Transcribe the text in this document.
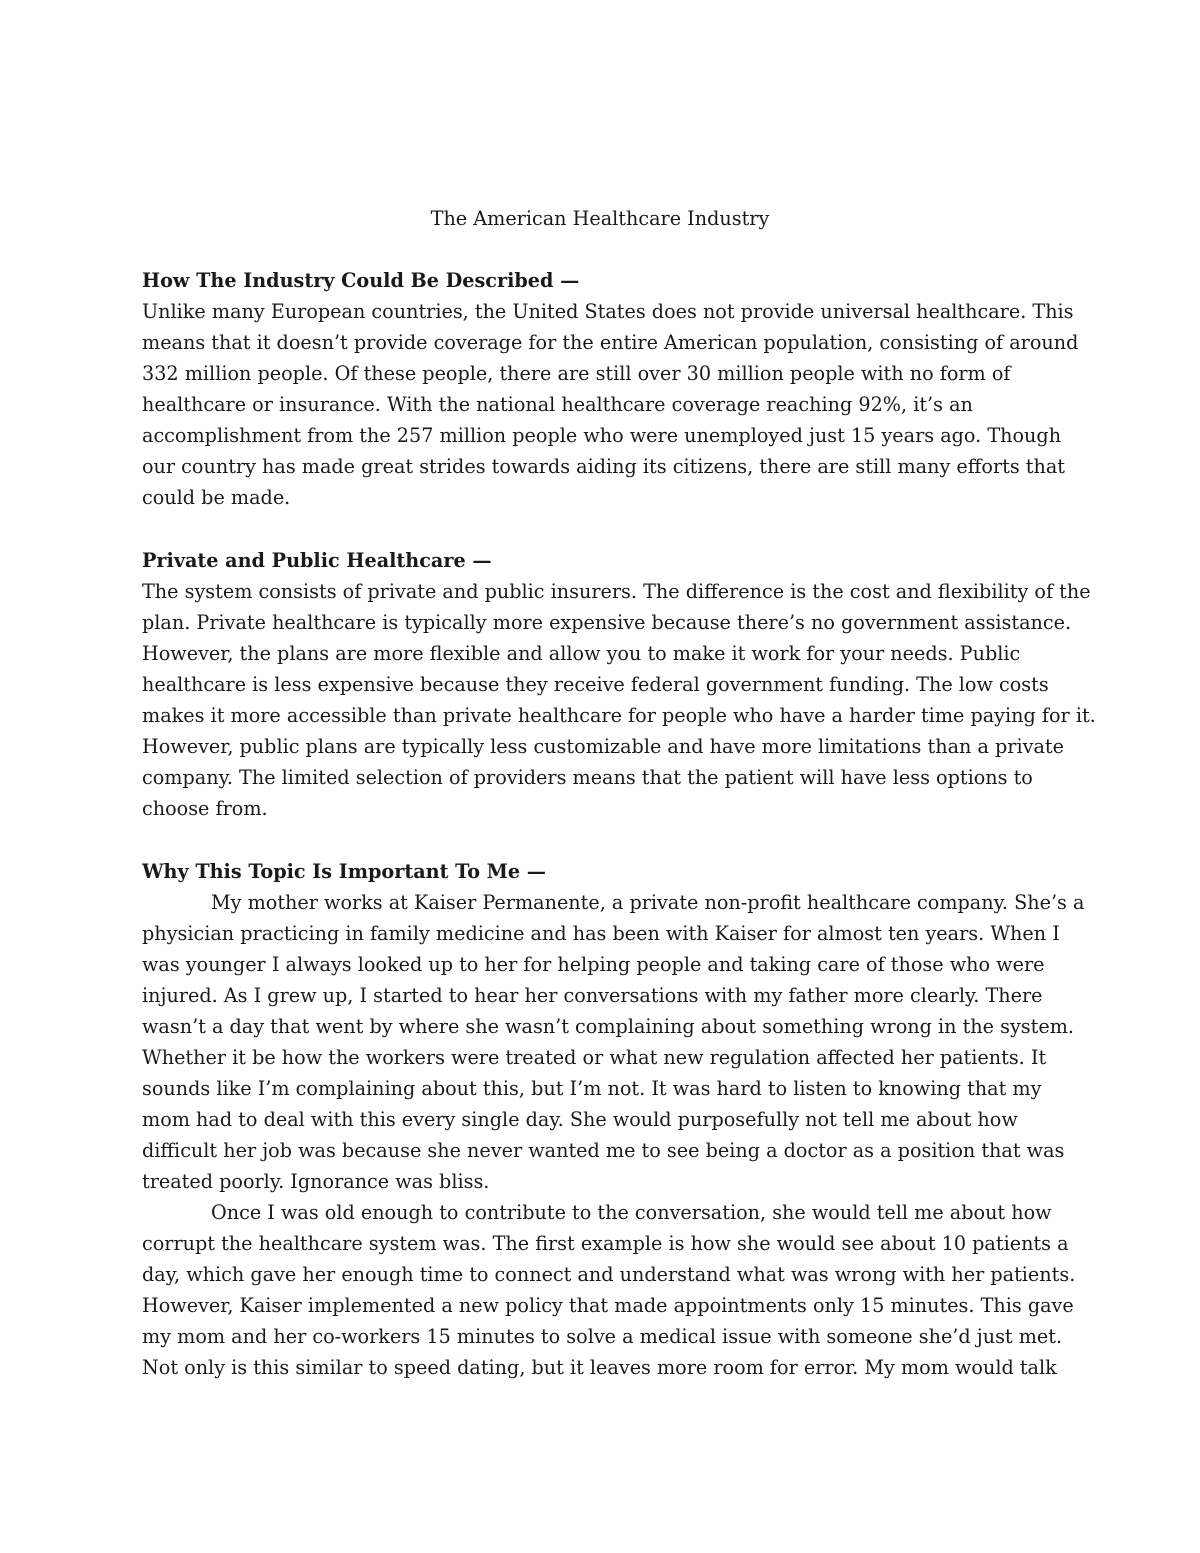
The American Healthcare Industry
How The Industry Could Be Described —
Unlike many European countries, the United States does not provide universal healthcare. This
means that it doesn’t provide coverage for the entire American population, consisting of around
332 million people. Of these people, there are still over 30 million people with no form of
healthcare or insurance. With the national healthcare coverage reaching 92%, it’s an
accomplishment from the 257 million people who were unemployed just 15 years ago. Though
our country has made great strides towards aiding its citizens, there are still many efforts that
could be made.
Private and Public Healthcare —
The system consists of private and public insurers. The difference is the cost and flexibility of the
plan. Private healthcare is typically more expensive because there’s no government assistance.
However, the plans are more flexible and allow you to make it work for your needs. Public
healthcare is less expensive because they receive federal government funding. The low costs
makes it more accessible than private healthcare for people who have a harder time paying for it.
However, public plans are typically less customizable and have more limitations than a private
company. The limited selection of providers means that the patient will have less options to
choose from.
Why This Topic Is Important To Me —
My mother works at Kaiser Permanente, a private non-profit healthcare company. She’s a
physician practicing in family medicine and has been with Kaiser for almost ten years. When I
was younger I always looked up to her for helping people and taking care of those who were
injured. As I grew up, I started to hear her conversations with my father more clearly. There
wasn’t a day that went by where she wasn’t complaining about something wrong in the system.
Whether it be how the workers were treated or what new regulation affected her patients. It
sounds like I’m complaining about this, but I’m not. It was hard to listen to knowing that my
mom had to deal with this every single day. She would purposefully not tell me about how
difficult her job was because she never wanted me to see being a doctor as a position that was
treated poorly. Ignorance was bliss.
Once I was old enough to contribute to the conversation, she would tell me about how
corrupt the healthcare system was. The first example is how she would see about 10 patients a
day, which gave her enough time to connect and understand what was wrong with her patients.
However, Kaiser implemented a new policy that made appointments only 15 minutes. This gave
my mom and her co-workers 15 minutes to solve a medical issue with someone she’d just met.
Not only is this similar to speed dating, but it leaves more room for error. My mom would talk
